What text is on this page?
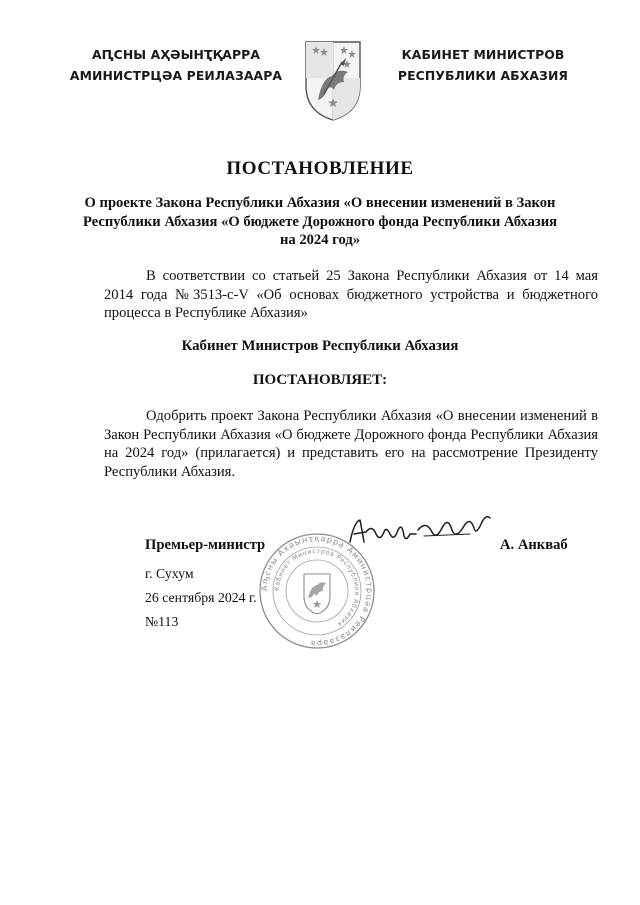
АԤСНЫ АҲӘЫНҬҚАРРА
АМИНИСТРЦӘА РЕИЛАЗААРА
КАБИНЕТ МИНИСТРОВ
РЕСПУБЛИКИ АБХАЗИЯ
ПОСТАНОВЛЕНИЕ
О проекте Закона Республики Абхазия «О внесении изменений в Закон Республики Абхазия «О бюджете Дорожного фонда Республики Абхазия на 2024 год»

В соответствии со статьей 25 Закона Республики Абхазия от 14 мая 2014 года №3513-с-V «Об основах бюджетного устройства и бюджетного процесса в Республике Абхазия»

Кабинет Министров Республики Абхазия
ПОСТАНОВЛЯЕТ:

Одобрить проект Закона Республики Абхазия «О внесении изменений в Закон Республики Абхазия «О бюджете Дорожного фонда Республики Абхазия на 2024 год» (прилагается) и представить его на рассмотрение Президенту Республики Абхазия.

Аҧсны Ахәынҭқарра Аминистрцәа Реилазаара
Кабинет Министров Республики Абхазия
Премьер-министр	А. Анкваб
г. Сухум
26 сентября 2024 г.
№113
